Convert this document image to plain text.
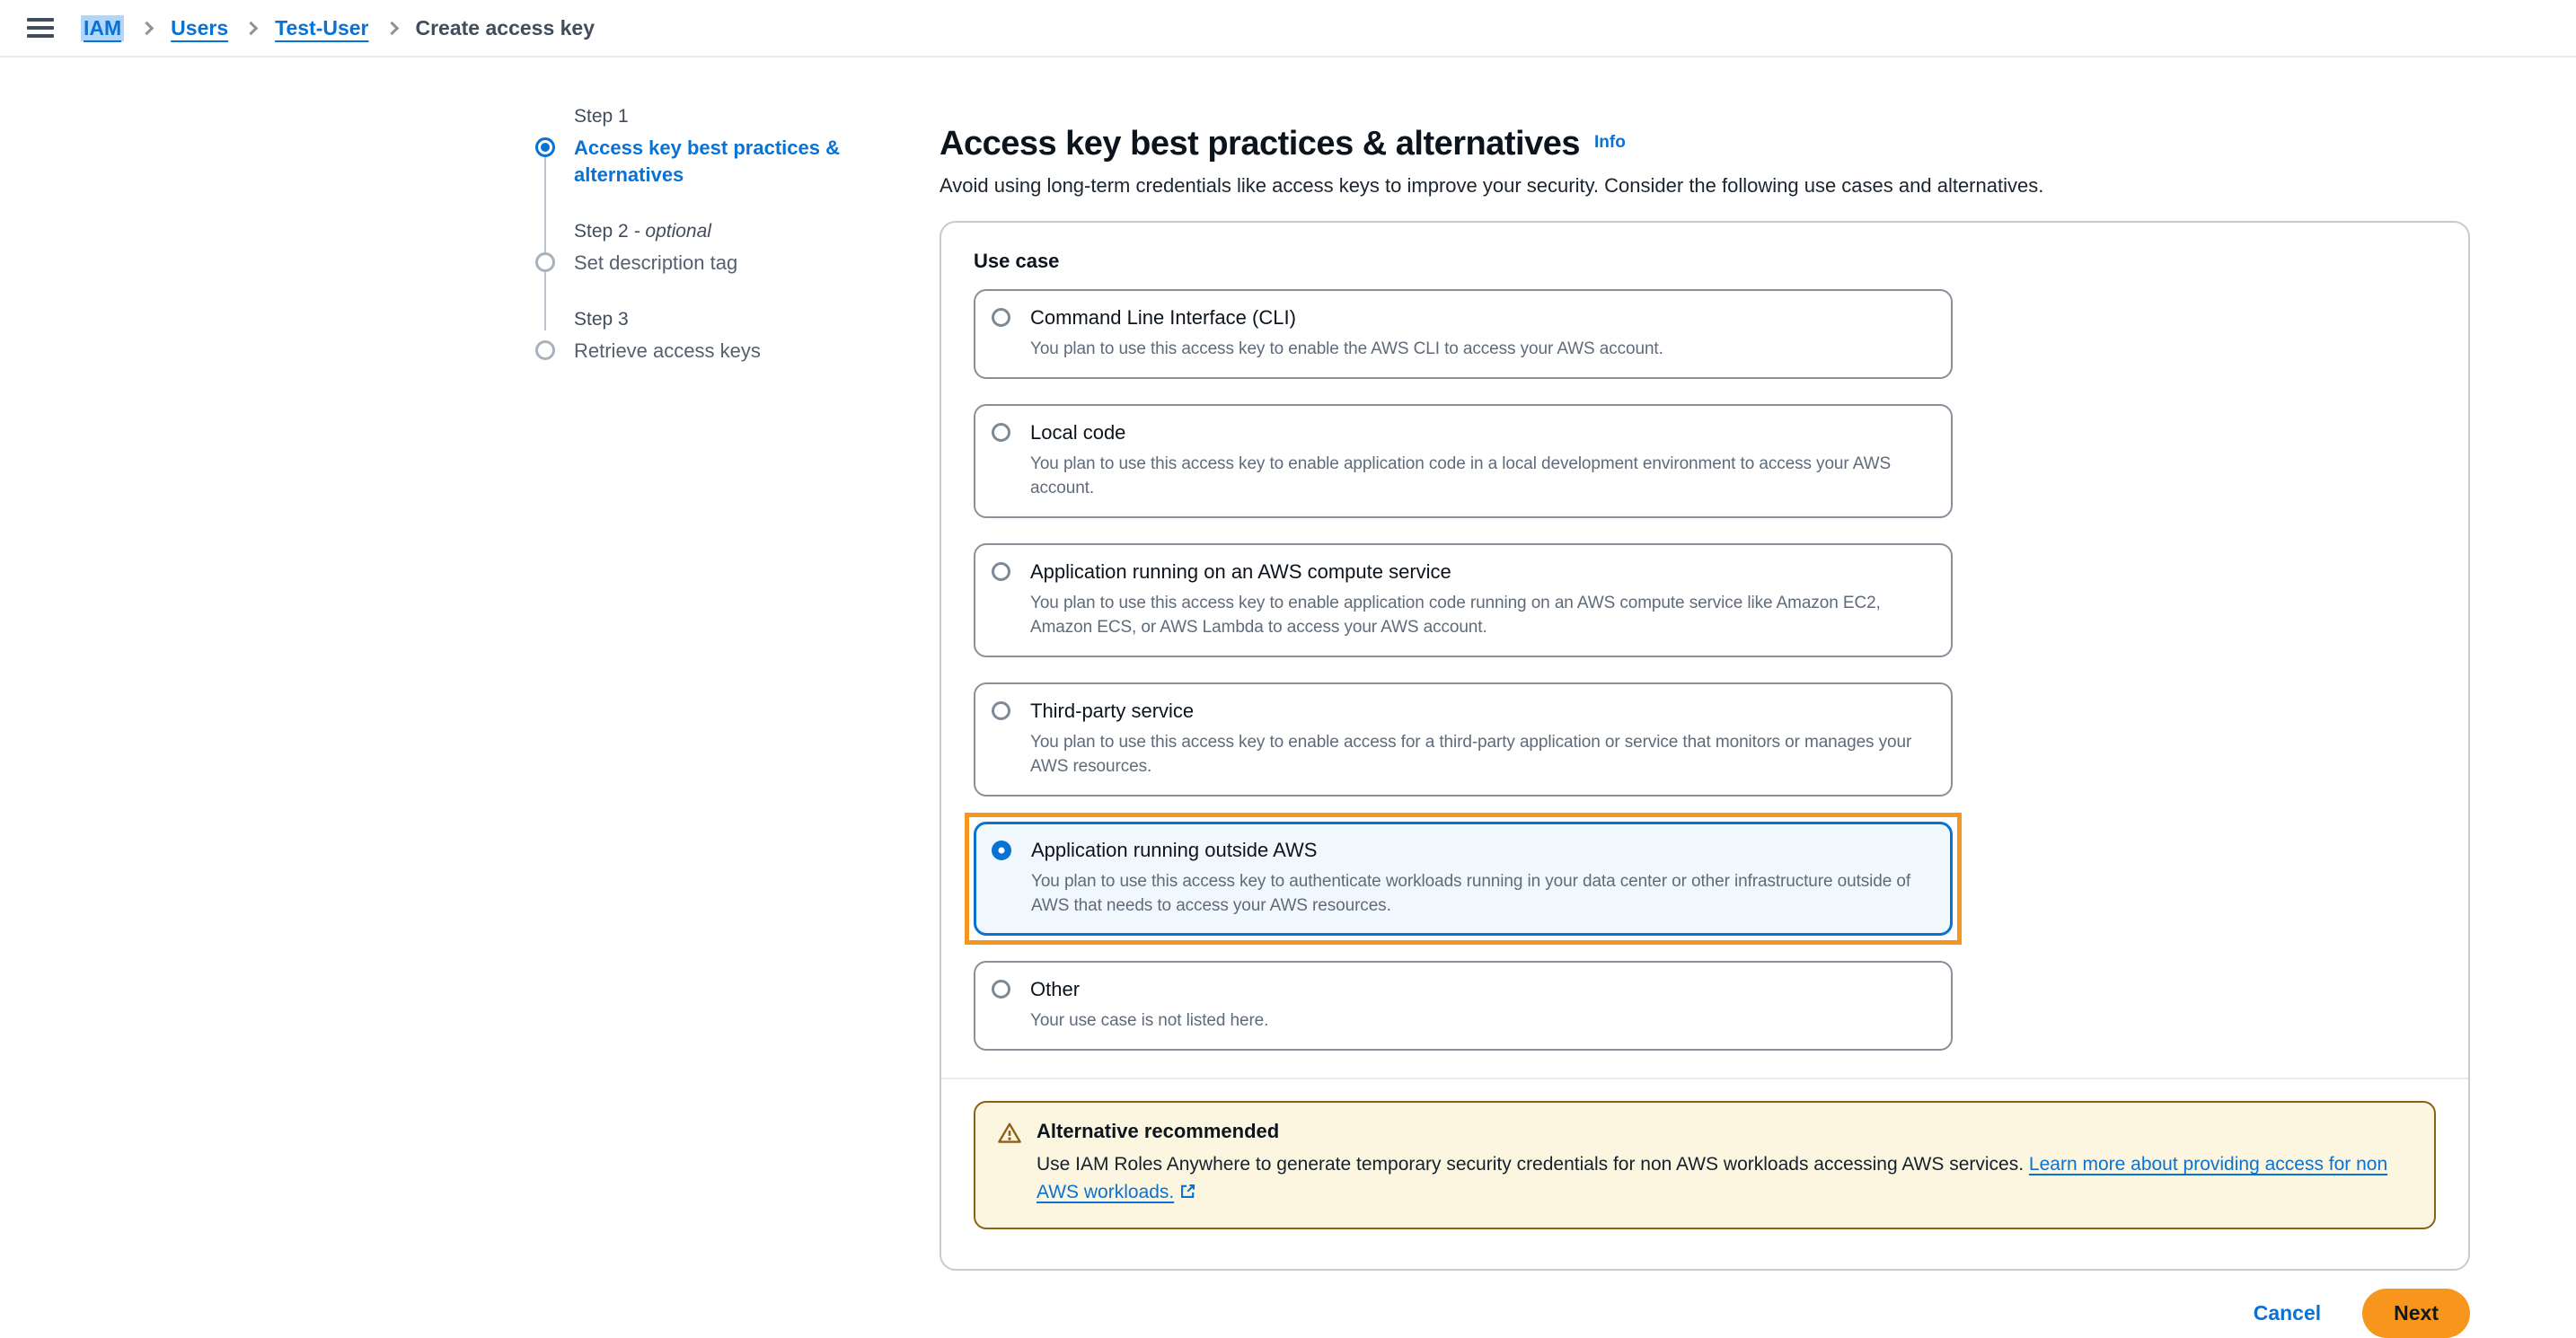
IAM Users Test-User Create access key
Step 1
Access key best practices & alternatives
Step 2 - optional
Set description tag
Step 3
Retrieve access keys
Access key best practices & alternatives Info

Avoid using long-term credentials like access keys to improve your security. Consider the following use cases and alternatives.

Use case
Command Line Interface (CLI)
You plan to use this access key to enable the AWS CLI to access your AWS account.
Local code
You plan to use this access key to enable application code in a local development environment to access your AWS account.
Application running on an AWS compute service
You plan to use this access key to enable application code running on an AWS compute service like Amazon EC2, Amazon ECS, or AWS Lambda to access your AWS account.
Third-party service
You plan to use this access key to enable access for a third-party application or service that monitors or manages your AWS resources.
Application running outside AWS
You plan to use this access key to authenticate workloads running in your data center or other infrastructure outside of AWS that needs to access your AWS resources.
Other
Your use case is not listed here.
Alternative recommended
Use IAM Roles Anywhere to generate temporary security credentials for non AWS workloads accessing AWS services. Learn more about providing access for non AWS workloads.
Cancel	Next
